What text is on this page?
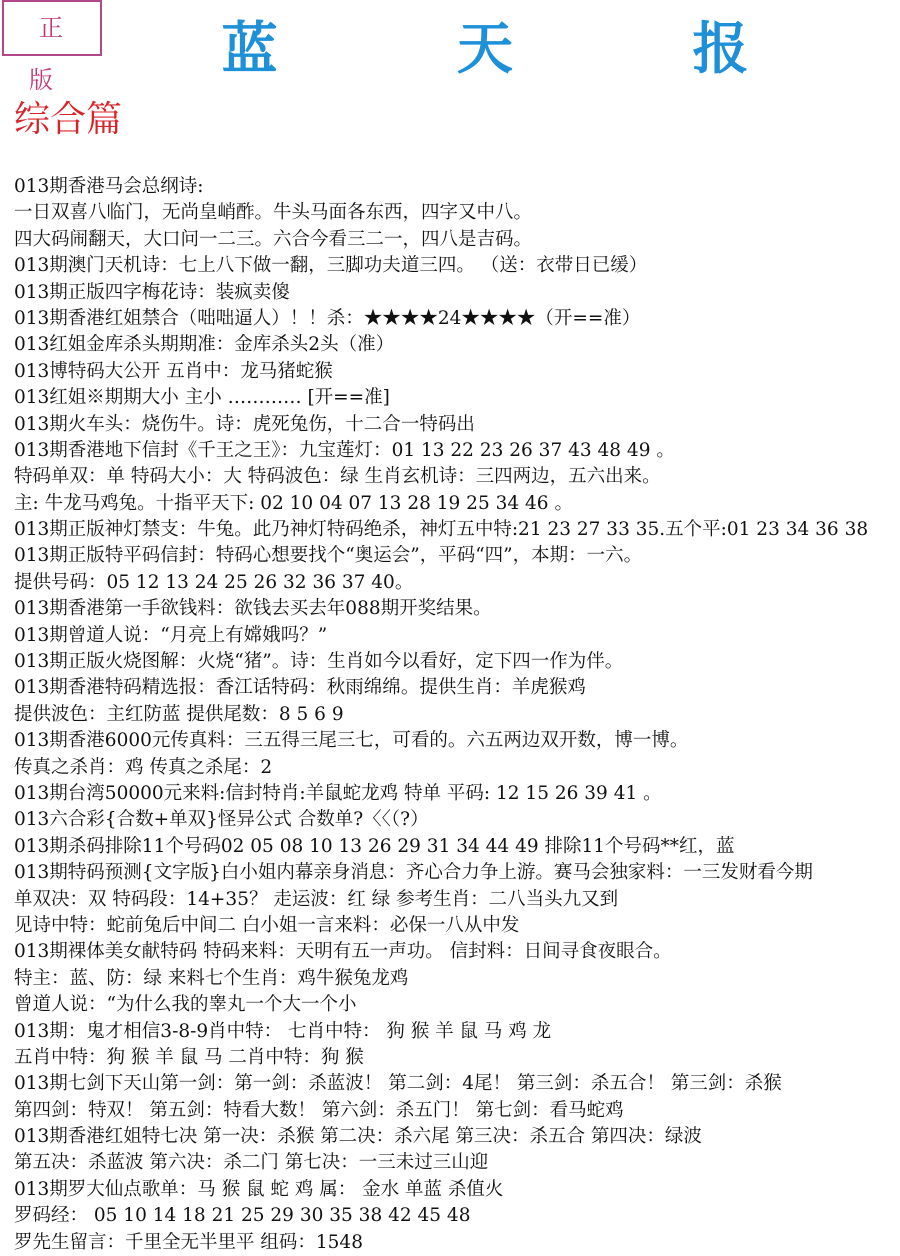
正 版	蓝 天 报
综合篇
013期香港马会总纲诗:
一日双喜八临门，无尚皇峭酢。牛头马面各东西，四字又中八。
四大码闹翻天，大口问一二三。六合今看三二一，四八是吉码。
013期澳门天机诗：七上八下做一翻，三脚功夫道三四。 （送：衣带日已缓）
013期正版四字梅花诗：装疯卖傻
013期香港红姐禁合（咄咄逼人）！！杀：★★★★24★★★★（开==准）
013红姐金库杀头期期准：金库杀头2头（准）
013博特码大公开 五肖中：龙马猪蛇猴
013红姐※期期大小 主小 ………… [开==准]
013期火车头：烧伤牛。诗：虎死兔伤，十二合一特码出
013期香港地下信封《千王之王》：九宝莲灯：01 13 22 23 26 37 43 48 49 。
特码单双：单 特码大小：大 特码波色：绿 生肖玄机诗：三四两边，五六出来。
主: 牛龙马鸡兔。十指平天下: 02 10 04 07 13 28 19 25 34 46 。
013期正版神灯禁支：牛兔。此乃神灯特码绝杀，神灯五中特:21 23 27 33 35.五个平:01 23 34 36 38
013期正版特平码信封：特码心想要找个“奥运会”，平码“四”，本期：一六。
提供号码：05 12 13 24 25 26 32 36 37 40。
013期香港第一手欲钱料：欲钱去买去年088期开奖结果。
013期曾道人说：“月亮上有嫦娥吗？”
013期正版火烧图解：火烧“猪”。诗：生肖如今以看好，定下四一作为伴。
013期香港特码精选报：香江话特码：秋雨绵绵。提供生肖：羊虎猴鸡
提供波色：主红防蓝 提供尾数：8 5 6 9
013期香港6000元传真料：三五得三尾三七，可看的。六五两边双开数，博一博。
传真之杀肖：鸡 传真之杀尾：2
013期台湾50000元来料:信封特肖:羊鼠蛇龙鸡 特单 平码: 12 15 26 39 41 。
013六合彩{合数+单双}怪异公式 合数单?〈〈（?）
013期杀码排除11个号码02 05 08 10 13 26 29 31 34 44 49 排除11个号码**红，蓝
013期特码预测{文字版}白小姐内幕亲身消息：齐心合力争上游。赛马会独家料：一三发财看今期
单双决：双 特码段：14+35？ 走运波：红 绿 参考生肖：二八当头九又到
见诗中特：蛇前兔后中间二 白小姐一言来料：必保一八从中发
013期裸体美女献特码 特码来料：天明有五一声功。 信封料：日间寻食夜眼合。
特主：蓝、防：绿 来料七个生肖：鸡牛猴兔龙鸡
曾道人说：“为什么我的睾丸一个大一个小
013期：鬼才相信3-8-9肖中特： 七肖中特： 狗 猴 羊 鼠 马 鸡 龙
五肖中特：狗 猴 羊 鼠 马 二肖中特：狗 猴
013期七剑下天山第一剑：第一剑：杀蓝波！ 第二剑：4尾！ 第三剑：杀五合！ 第三剑：杀猴
第四剑：特双！ 第五剑：特看大数！ 第六剑：杀五门！ 第七剑：看马蛇鸡
013期香港红姐特七决 第一决：杀猴 第二决：杀六尾 第三决：杀五合 第四决：绿波
第五决：杀蓝波 第六决：杀二门 第七决：一三未过三山迎
013期罗大仙点歌单：马 猴 鼠 蛇 鸡 属： 金水 单蓝 杀值火
罗码经： 05 10 14 18 21 25 29 30 35 38 42 45 48
罗先生留言：千里全无半里平 组码：1548
